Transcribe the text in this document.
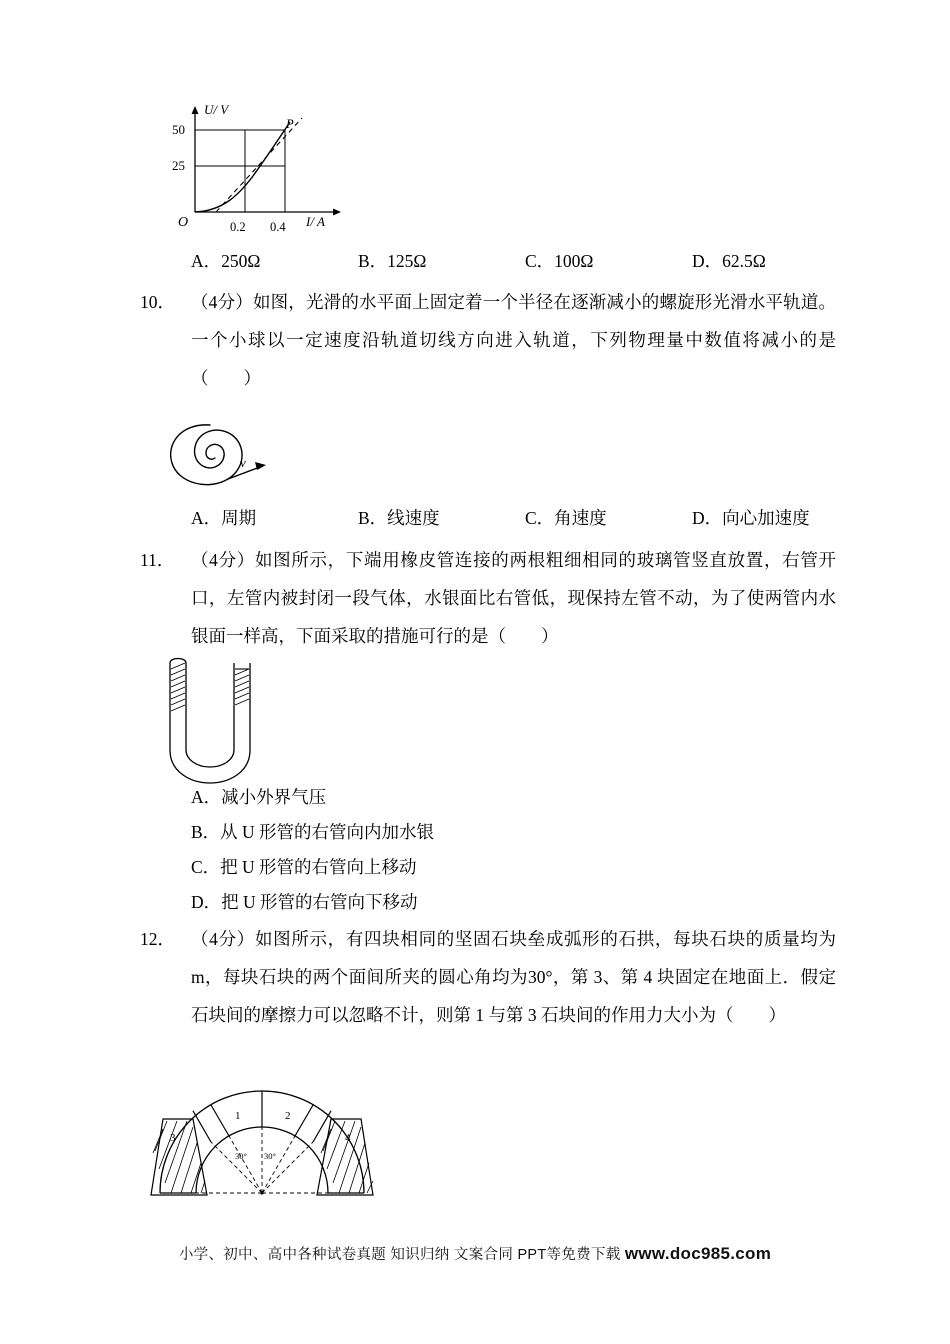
U/ V
50
25
O	0.2 0.4 I/ A
P
A．250Ω	B．125Ω	C．100Ω	D．62.5Ω
10． （4分）如图，光滑的水平面上固定着一个半径在逐渐减小的螺旋形光滑水平轨道。一个小球以一定速度沿轨道切线方向进入轨道，下列物理量中数值将减小的是（　　）
v
A．周期	B．线速度	C．角速度	D．向心加速度
11． （4分）如图所示，下端用橡皮管连接的两根粗细相同的玻璃管竖直放置，右管开口，左管内被封闭一段气体，水银面比右管低，现保持左管不动，为了使两管内水银面一样高，下面采取的措施可行的是（　　）
A．减小外界气压
B．从 U 形管的右管向内加水银
C．把 U 形管的右管向上移动
D．把 U 形管的右管向下移动
12． （4分）如图所示，有四块相同的坚固石块垒成弧形的石拱，每块石块的质量均为 m，每块石块的两个面间所夹的圆心角均为30°，第 3、第 4 块固定在地面上．假定石块间的摩擦力可以忽略不计，则第 1 与第 3 石块间的作用力大小为（　　）
3
1	2
4
30° 30°
小学、初中、高中各种试卷真题 知识归纳 文案合同 PPT等免费下载 www.doc985.com
